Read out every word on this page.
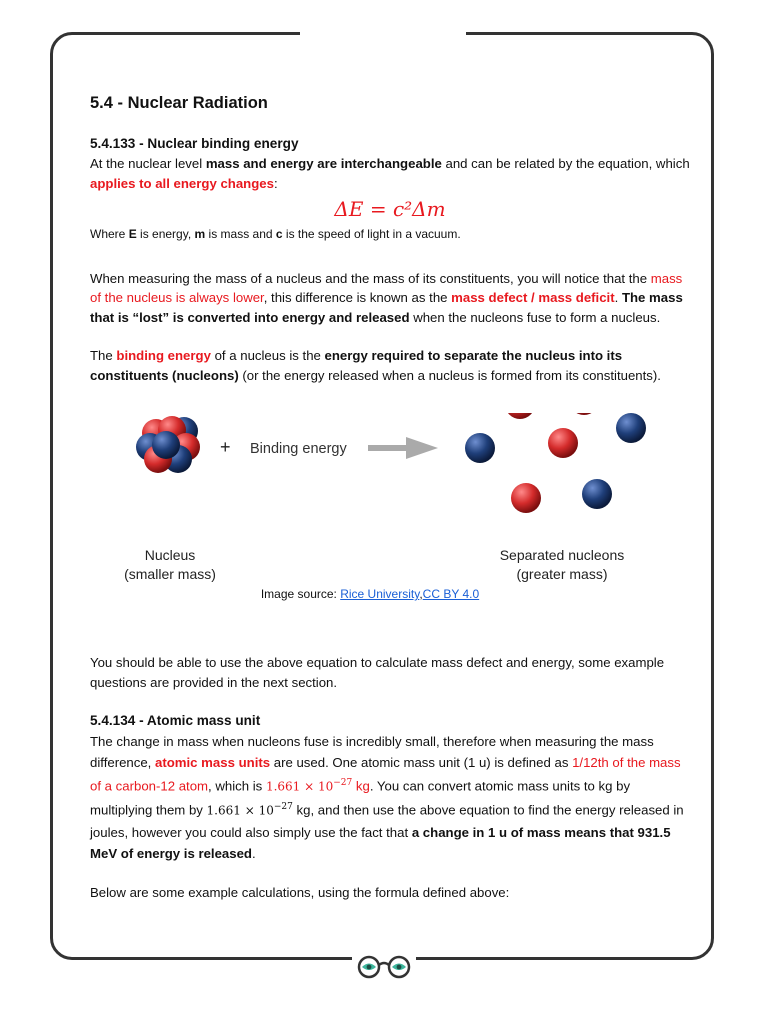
5.4 - Nuclear Radiation
5.4.133 - Nuclear binding energy

At the nuclear level mass and energy are interchangeable and can be related by the equation, which applies to all energy changes:

ΔE = c²Δm

Where E is energy, m is mass and c is the speed of light in a vacuum.

When measuring the mass of a nucleus and the mass of its constituents, you will notice that the mass of the nucleus is always lower, this difference is known as the mass defect / mass deficit. The mass that is “lost” is converted into energy and released when the nucleons fuse to form a nucleus.

The binding energy of a nucleus is the energy required to separate the nucleus into its constituents (nucleons) (or the energy released when a nucleus is formed from its constituents).

+ Binding energy
Nucleus
(smaller mass)
Separated nucleons
(greater mass)
Image source: Rice University,CC BY 4.0

You should be able to use the above equation to calculate mass defect and energy, some example questions are provided in the next section.

5.4.134 - Atomic mass unit

The change in mass when nucleons fuse is incredibly small, therefore when measuring the mass difference, atomic mass units are used. One atomic mass unit (1 u) is defined as 1/12th of the mass of a carbon-12 atom, which is $1.661 \times 10^{-27}$ kg. You can convert atomic mass units to kg by multiplying them by $1.661 \times 10^{-27}$ kg, and then use the above equation to find the energy released in joules, however you could also simply use the fact that a change in 1 u of mass means that 931.5 MeV of energy is released.

Below are some example calculations, using the formula defined above:
